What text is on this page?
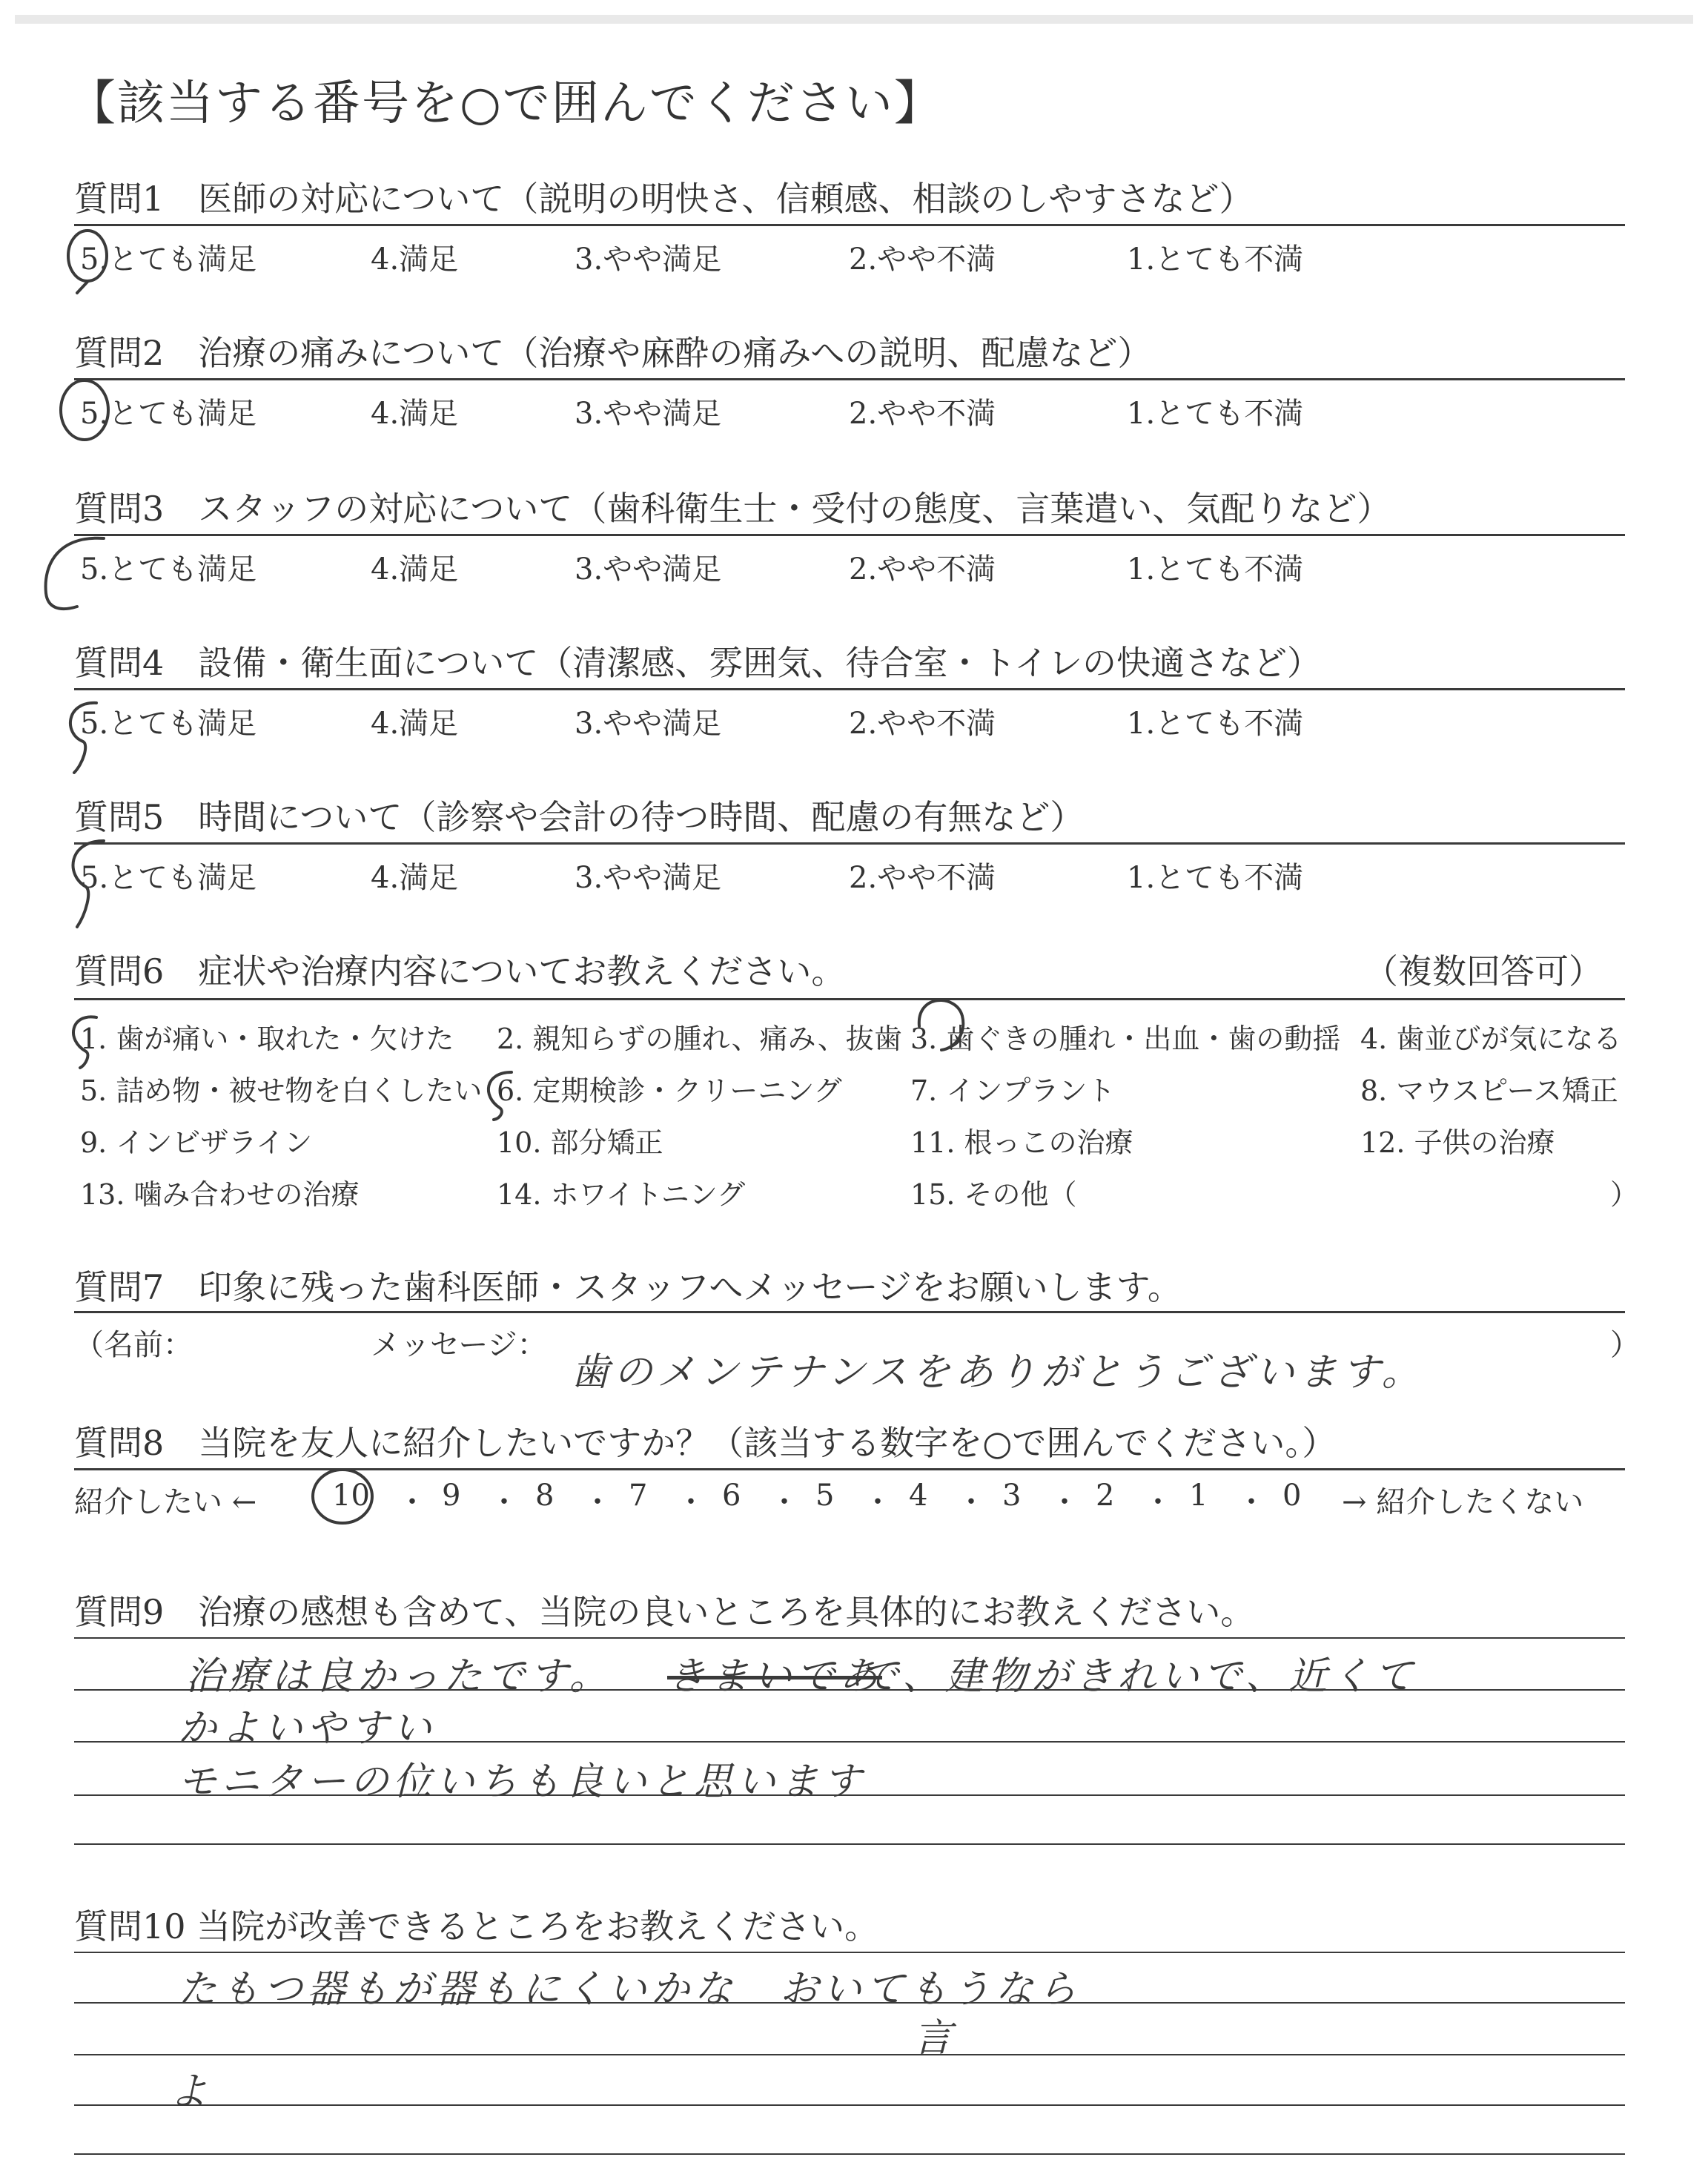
【該当する番号を○で囲んでください】
質問1　医師の対応について（説明の明快さ、信頼感、相談のしやすさなど）
5.とても満足	4.満足	3.やや満足	2.やや不満	1.とても不満
質問2　治療の痛みについて（治療や麻酔の痛みへの説明、配慮など）
5.とても満足	4.満足	3.やや満足	2.やや不満	1.とても不満
質問3　スタッフの対応について（歯科衛生士・受付の態度、言葉遣い、気配りなど）
5.とても満足	4.満足	3.やや満足	2.やや不満	1.とても不満
質問4　設備・衛生面について（清潔感、雰囲気、待合室・トイレの快適さなど）
5.とても満足	4.満足	3.やや満足	2.やや不満	1.とても不満
質問5　時間について（診察や会計の待つ時間、配慮の有無など）
5.とても満足	4.満足	3.やや満足	2.やや不満	1.とても不満
質問6　症状や治療内容についてお教えください。	（複数回答可）
1. 歯が痛い・取れた・欠けた 2. 親知らずの腫れ、痛み、抜歯 3. 歯ぐきの腫れ・出血・歯の動揺 4. 歯並びが気になる
5. 詰め物・被せ物を白くしたい 6. 定期検診・クリーニング 7. インプラント	8. マウスピース矯正
9. インビザライン	10. 部分矯正	11. 根っこの治療	12. 子供の治療
13. 噛み合わせの治療	14. ホワイトニング	15. その他（	）
質問7　印象に残った歯科医師・スタッフへメッセージをお願いします。
（名前：	メッセージ：	）
歯のメンテナンスをありがとうございます。
質問8　当院を友人に紹介したいですか？（該当する数字を○で囲んでください。）
紹介したい ←	→ 紹介したくない
10 ・ 9 ・ 8 ・ 7 ・ 6 ・ 5 ・ 4 ・ 3 ・ 2 ・ 1 ・ 0
質問9　治療の感想も含めて、当院の良いところを具体的にお教えください。
治療は良かったです。 きまいであ
で、建物がきれいで、近くて
かよいやすい
モニターの位いちも良いと思います
質問10 当院が改善できるところをお教えください。
たもつ器もが器もにくいかな　おいてもうなら
言
よ
